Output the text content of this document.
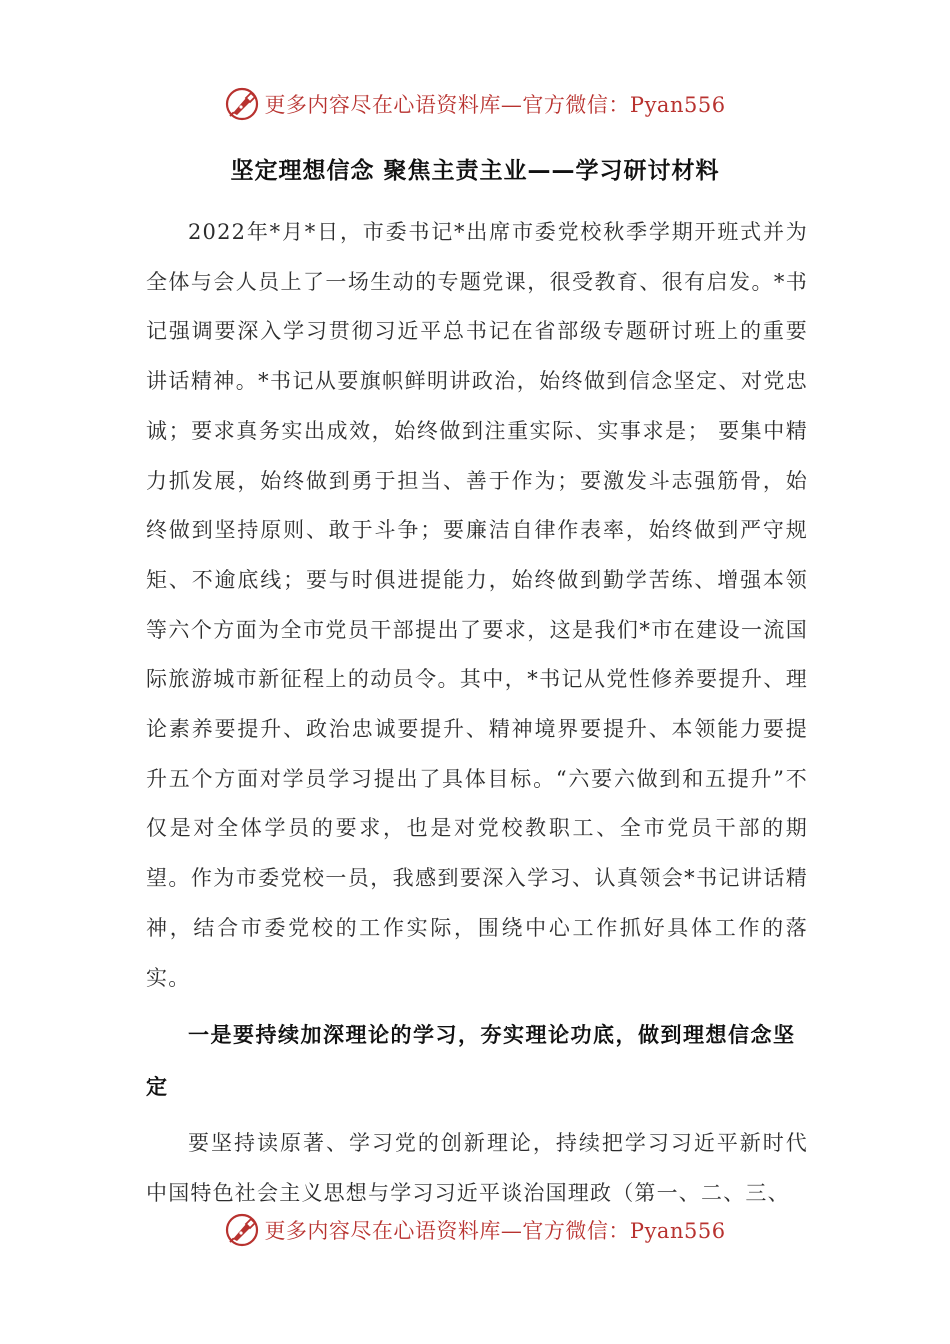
更多内容尽在心语资料库—官方微信：Pyan556
坚定理想信念 聚焦主责主业——学习研讨材料

2022年*月*日，市委书记*出席市委党校秋季学期开班式并为全体与会人员上了一场生动的专题党课，很受教育、很有启发。*书记强调要深入学习贯彻习近平总书记在省部级专题研讨班上的重要讲话精神。*书记从要旗帜鲜明讲政治，始终做到信念坚定、对党忠诚；要求真务实出成效，始终做到注重实际、实事求是； 要集中精力抓发展，始终做到勇于担当、善于作为；要激发斗志强筋骨，始终做到坚持原则、敢于斗争；要廉洁自律作表率，始终做到严守规矩、不逾底线；要与时俱进提能力，始终做到勤学苦练、增强本领等六个方面为全市党员干部提出了要求，这是我们*市在建设一流国际旅游城市新征程上的动员令。其中，*书记从党性修养要提升、理论素养要提升、政治忠诚要提升、精神境界要提升、本领能力要提升五个方面对学员学习提出了具体目标。“六要六做到和五提升”不仅是对全体学员的要求，也是对党校教职工、全市党员干部的期望。作为市委党校一员，我感到要深入学习、认真领会*书记讲话精神，结合市委党校的工作实际，围绕中心工作抓好具体工作的落实。

一是要持续加深理论的学习，夯实理论功底，做到理想信念坚定

要坚持读原著、学习党的创新理论，持续把学习习近平新时代中国特色社会主义思想与学习习近平谈治国理政（第一、二、三、

更多内容尽在心语资料库—官方微信：Pyan556
